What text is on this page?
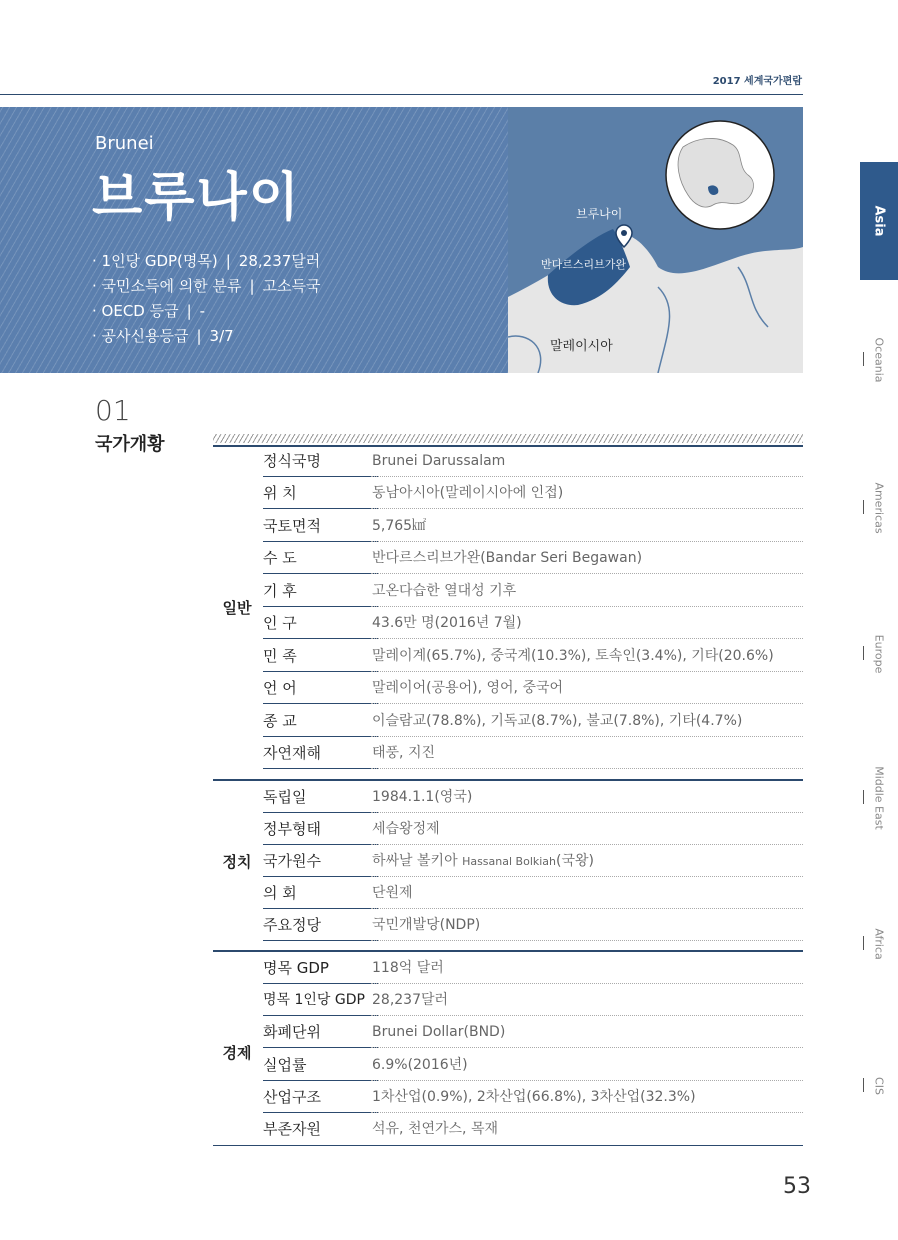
2017 세계국가편람
Brunei
브루나이
· 1인당 GDP(명목) | 28,237달러
· 국민소득에 의한 분류 | 고소득국
· OECD 등급 | -
· 공사신용등급 | 3/7
브루나이
반다르스리브가완
말레이시아
Asia
Oceania
Americas
Europe
Middle East
Africa
CIS
01
국가개황
일반
정식국명	Brunei Darussalam
위 치	동남아시아(말레이시아에 인접)
국토면적	5,765㎢
수 도	반다르스리브가완(Bandar Seri Begawan)
기 후	고온다습한 열대성 기후
인 구	43.6만 명(2016년 7월)
민 족	말레이계(65.7%), 중국계(10.3%), 토속인(3.4%), 기타(20.6%)
언 어	말레이어(공용어), 영어, 중국어
종 교	이슬람교(78.8%), 기독교(8.7%), 불교(7.8%), 기타(4.7%)
자연재해	태풍, 지진
정치
독립일	1984.1.1(영국)
정부형태	세습왕정제
국가원수	하싸날 볼키아 Hassanal Bolkiah(국왕)
의 회	단원제
주요정당	국민개발당(NDP)
경제
명목 GDP	118억 달러
명목 1인당 GDP 28,237달러
화폐단위	Brunei Dollar(BND)
실업률	6.9%(2016년)
산업구조	1차산업(0.9%), 2차산업(66.8%), 3차산업(32.3%)
부존자원	석유, 천연가스, 목재
53
